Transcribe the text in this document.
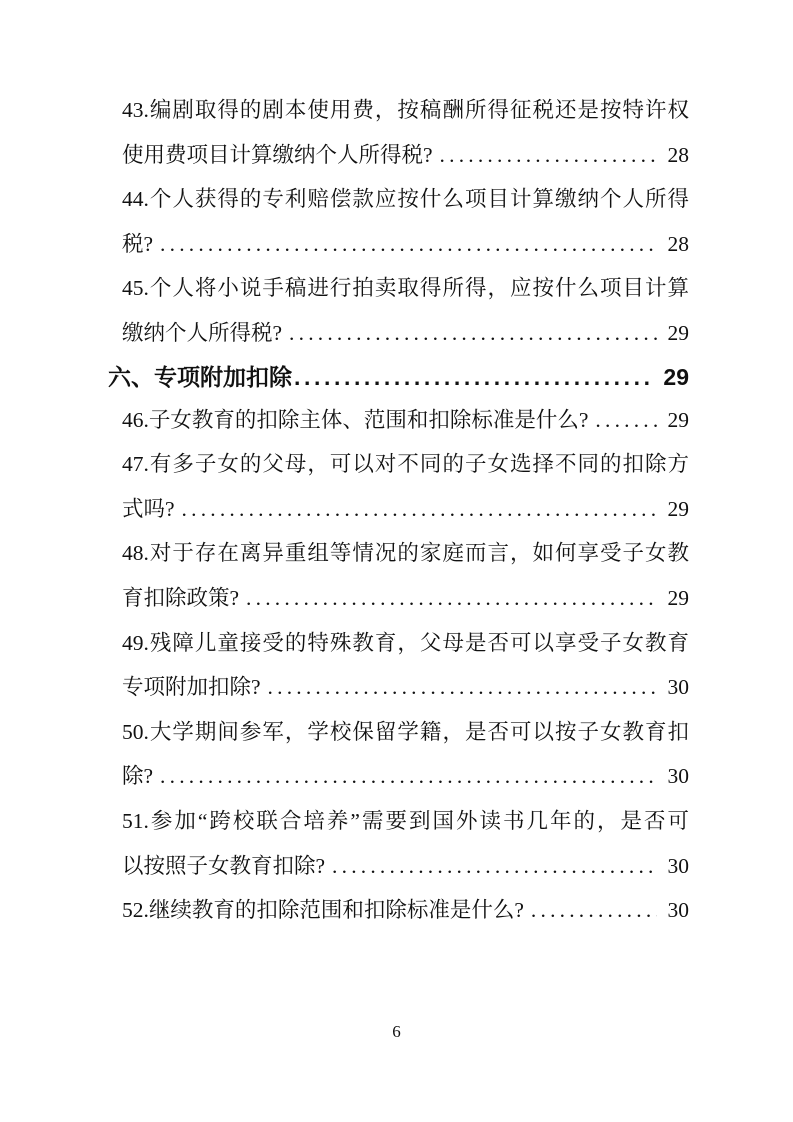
43.编剧取得的剧本使用费，按稿酬所得征税还是按特许权
使用费项目计算缴纳个人所得税? .....	28
44.个人获得的专利赔偿款应按什么项目计算缴纳个人所得
税? .....	28
45.个人将小说手稿进行拍卖取得所得，应按什么项目计算
缴纳个人所得税? .....	29
六、专项附加扣除 .....	29
46.子女教育的扣除主体、范围和扣除标准是什么? .....	29
47.有多子女的父母，可以对不同的子女选择不同的扣除方
式吗? .....	29
48.对于存在离异重组等情况的家庭而言，如何享受子女教
育扣除政策? .....	29
49.残障儿童接受的特殊教育，父母是否可以享受子女教育
专项附加扣除? .....	30
50.大学期间参军，学校保留学籍，是否可以按子女教育扣
除? .....	30
51.参加“跨校联合培养”需要到国外读书几年的，是否可
以按照子女教育扣除? .....	30
52.继续教育的扣除范围和扣除标准是什么? .....	30
6
